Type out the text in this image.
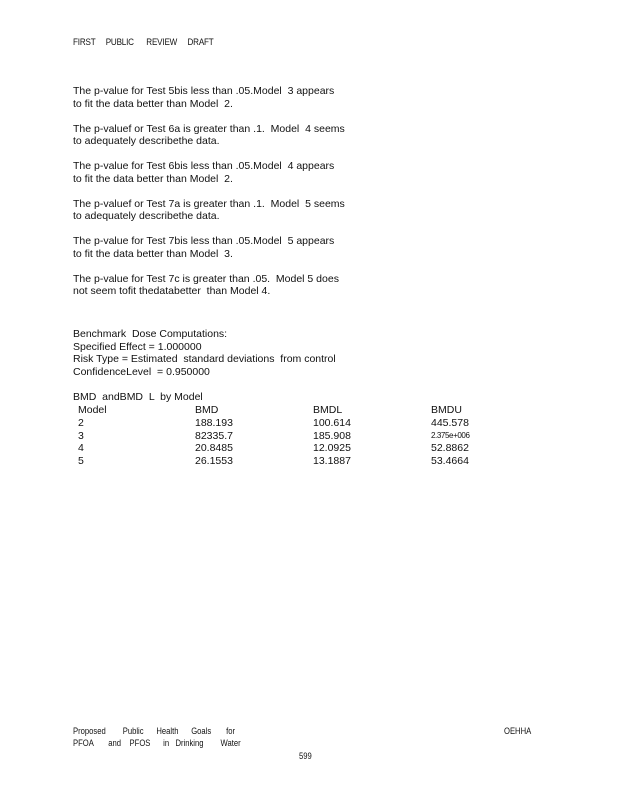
FIRST     PUBLIC      REVIEW     DRAFT

The p-value for Test 5bis less than .05.Model  3 appears
to fit the data better than Model  2.

The p-valuef or Test 6a is greater than .1.  Model  4 seems
to adequately describethe data.

The p-value for Test 6bis less than .05.Model  4 appears
to fit the data better than Model  2.

The p-valuef or Test 7a is greater than .1.  Model  5 seems
to adequately describethe data.

The p-value for Test 7bis less than .05.Model  5 appears
to fit the data better than Model  3.

The p-value for Test 7c is greater than .05.  Model 5 does
not seem tofit thedatabetter  than Model 4.

Benchmark  Dose Computations:
Specified Effect = 1.000000
Risk Type = Estimated  standard deviations  from control
ConfidenceLevel  = 0.950000
BMD  andBMD  L  by Model
Model	BMD	BMDL	BMDU
2	188.193	100.614	445.578
3	82335.7	185.908	2.375e+006
4	20.8485	12.0925	52.8862
5	26.1553	13.1887	53.4664
Proposed        Public      Health      Goals       for
PFOA       and    PFOS      in   Drinking        Water
OEHHA
599
